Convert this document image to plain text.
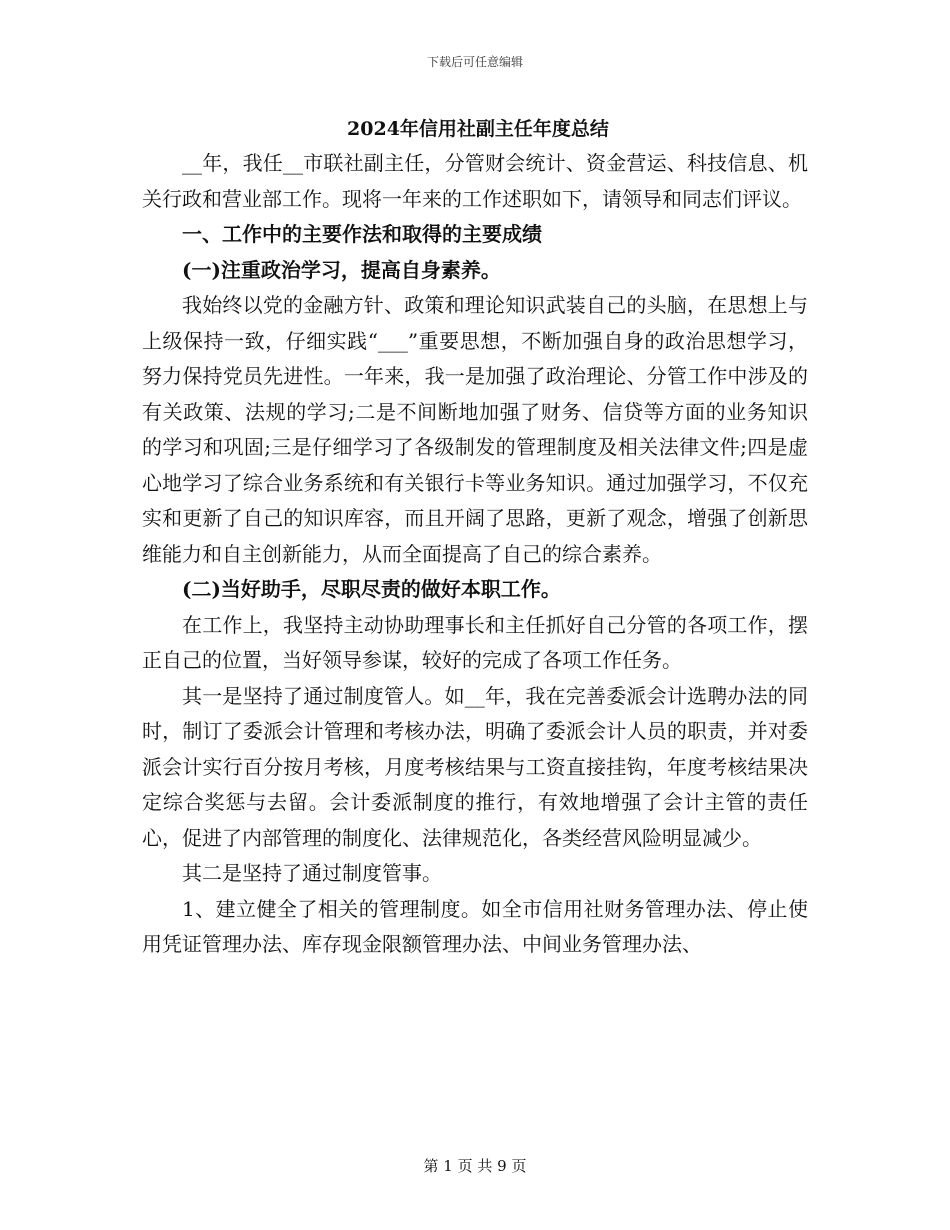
下载后可任意编辑
2024年信用社副主任年度总结

__年，我任__市联社副主任，分管财会统计、资金营运、科技信息、机关行政和营业部工作。现将一年来的工作述职如下，请领导和同志们评议。

一、工作中的主要作法和取得的主要成绩

(一)注重政治学习，提高自身素养。

我始终以党的金融方针、政策和理论知识武装自己的头脑，在思想上与上级保持一致，仔细实践“___”重要思想，不断加强自身的政治思想学习，努力保持党员先进性。一年来，我一是加强了政治理论、分管工作中涉及的有关政策、法规的学习;二是不间断地加强了财务、信贷等方面的业务知识的学习和巩固;三是仔细学习了各级制发的管理制度及相关法律文件;四是虚心地学习了综合业务系统和有关银行卡等业务知识。通过加强学习，不仅充实和更新了自己的知识库容，而且开阔了思路，更新了观念，增强了创新思维能力和自主创新能力，从而全面提高了自己的综合素养。

(二)当好助手，尽职尽责的做好本职工作。

在工作上，我坚持主动协助理事长和主任抓好自己分管的各项工作，摆正自己的位置，当好领导参谋，较好的完成了各项工作任务。

其一是坚持了通过制度管人。如__年，我在完善委派会计选聘办法的同时，制订了委派会计管理和考核办法，明确了委派会计人员的职责，并对委派会计实行百分按月考核，月度考核结果与工资直接挂钩，年度考核结果决定综合奖惩与去留。会计委派制度的推行，有效地增强了会计主管的责任心，促进了内部管理的制度化、法律规范化，各类经营风险明显减少。

其二是坚持了通过制度管事。

1、建立健全了相关的管理制度。如全市信用社财务管理办法、停止使用凭证管理办法、库存现金限额管理办法、中间业务管理办法、

第 1 页 共 9 页
